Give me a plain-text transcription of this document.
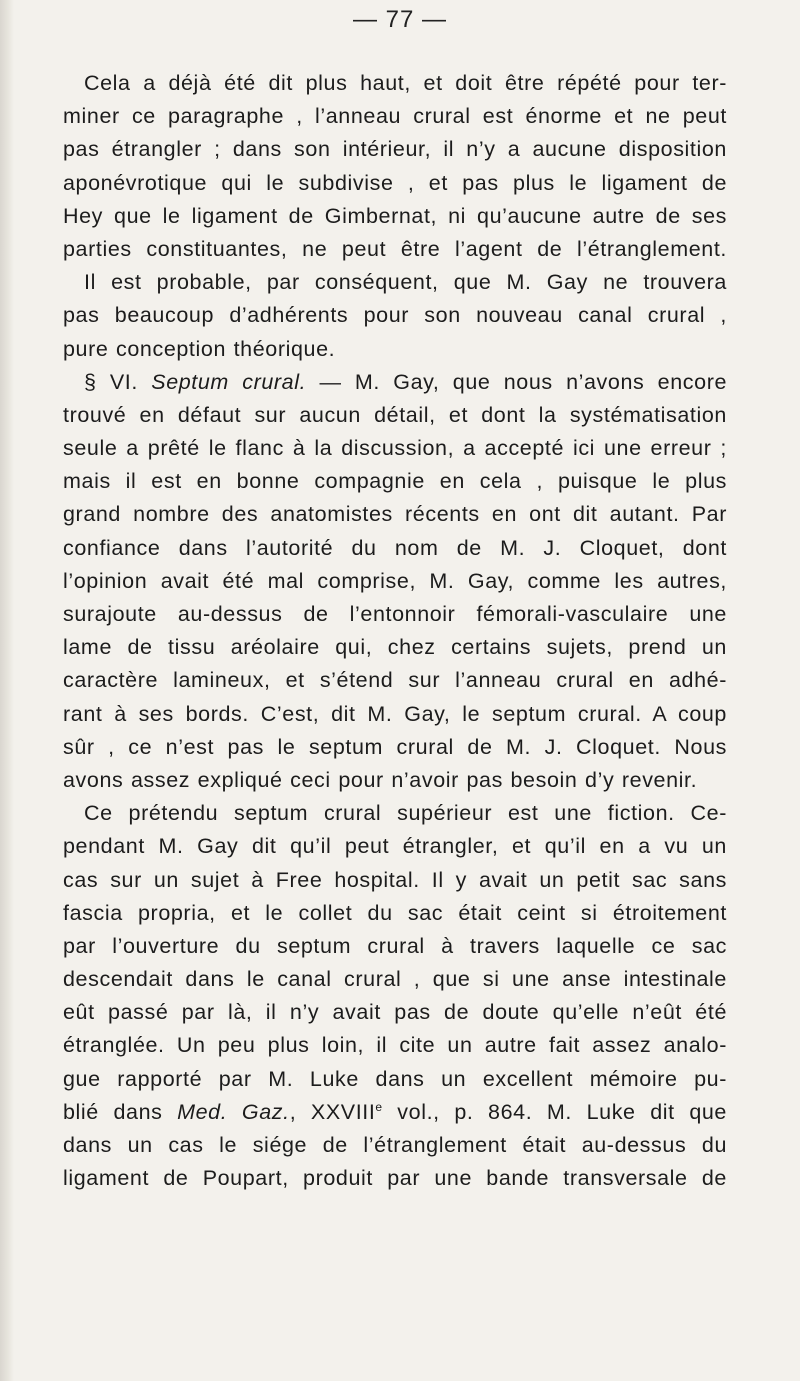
— 77 —
Cela a déjà été dit plus haut, et doit être répété pour ter-
miner ce paragraphe , l’anneau crural est énorme et ne peut
pas étrangler ; dans son intérieur, il n’y a aucune disposition
aponévrotique qui le subdivise , et pas plus le ligament de
Hey que le ligament de Gimbernat, ni qu’aucune autre de ses
parties constituantes, ne peut être l’agent de l’étranglement.
Il est probable, par conséquent, que M. Gay ne trouvera
pas beaucoup d’adhérents pour son nouveau canal crural ,
pure conception théorique.
§ VI. Septum crural. — M. Gay, que nous n’avons encore
trouvé en défaut sur aucun détail, et dont la systématisation
seule a prêté le flanc à la discussion, a accepté ici une erreur ;
mais il est en bonne compagnie en cela , puisque le plus
grand nombre des anatomistes récents en ont dit autant. Par
confiance dans l’autorité du nom de M. J. Cloquet, dont
l’opinion avait été mal comprise, M. Gay, comme les autres,
surajoute au-dessus de l’entonnoir fémorali-vasculaire une
lame de tissu aréolaire qui, chez certains sujets, prend un
caractère lamineux, et s’étend sur l’anneau crural en adhé-
rant à ses bords. C’est, dit M. Gay, le septum crural. A coup
sûr , ce n’est pas le septum crural de M. J. Cloquet. Nous
avons assez expliqué ceci pour n’avoir pas besoin d’y revenir.
Ce prétendu septum crural supérieur est une fiction. Ce-
pendant M. Gay dit qu’il peut étrangler, et qu’il en a vu un
cas sur un sujet à Free hospital. Il y avait un petit sac sans
fascia propria, et le collet du sac était ceint si étroitement
par l’ouverture du septum crural à travers laquelle ce sac
descendait dans le canal crural , que si une anse intestinale
eût passé par là, il n’y avait pas de doute qu’elle n’eût été
étranglée. Un peu plus loin, il cite un autre fait assez analo-
gue rapporté par M. Luke dans un excellent mémoire pu-
blié dans Med. Gaz., XXVIIIe vol., p. 864. M. Luke dit que
dans un cas le siége de l’étranglement était au-dessus du
ligament de Poupart, produit par une bande transversale de
